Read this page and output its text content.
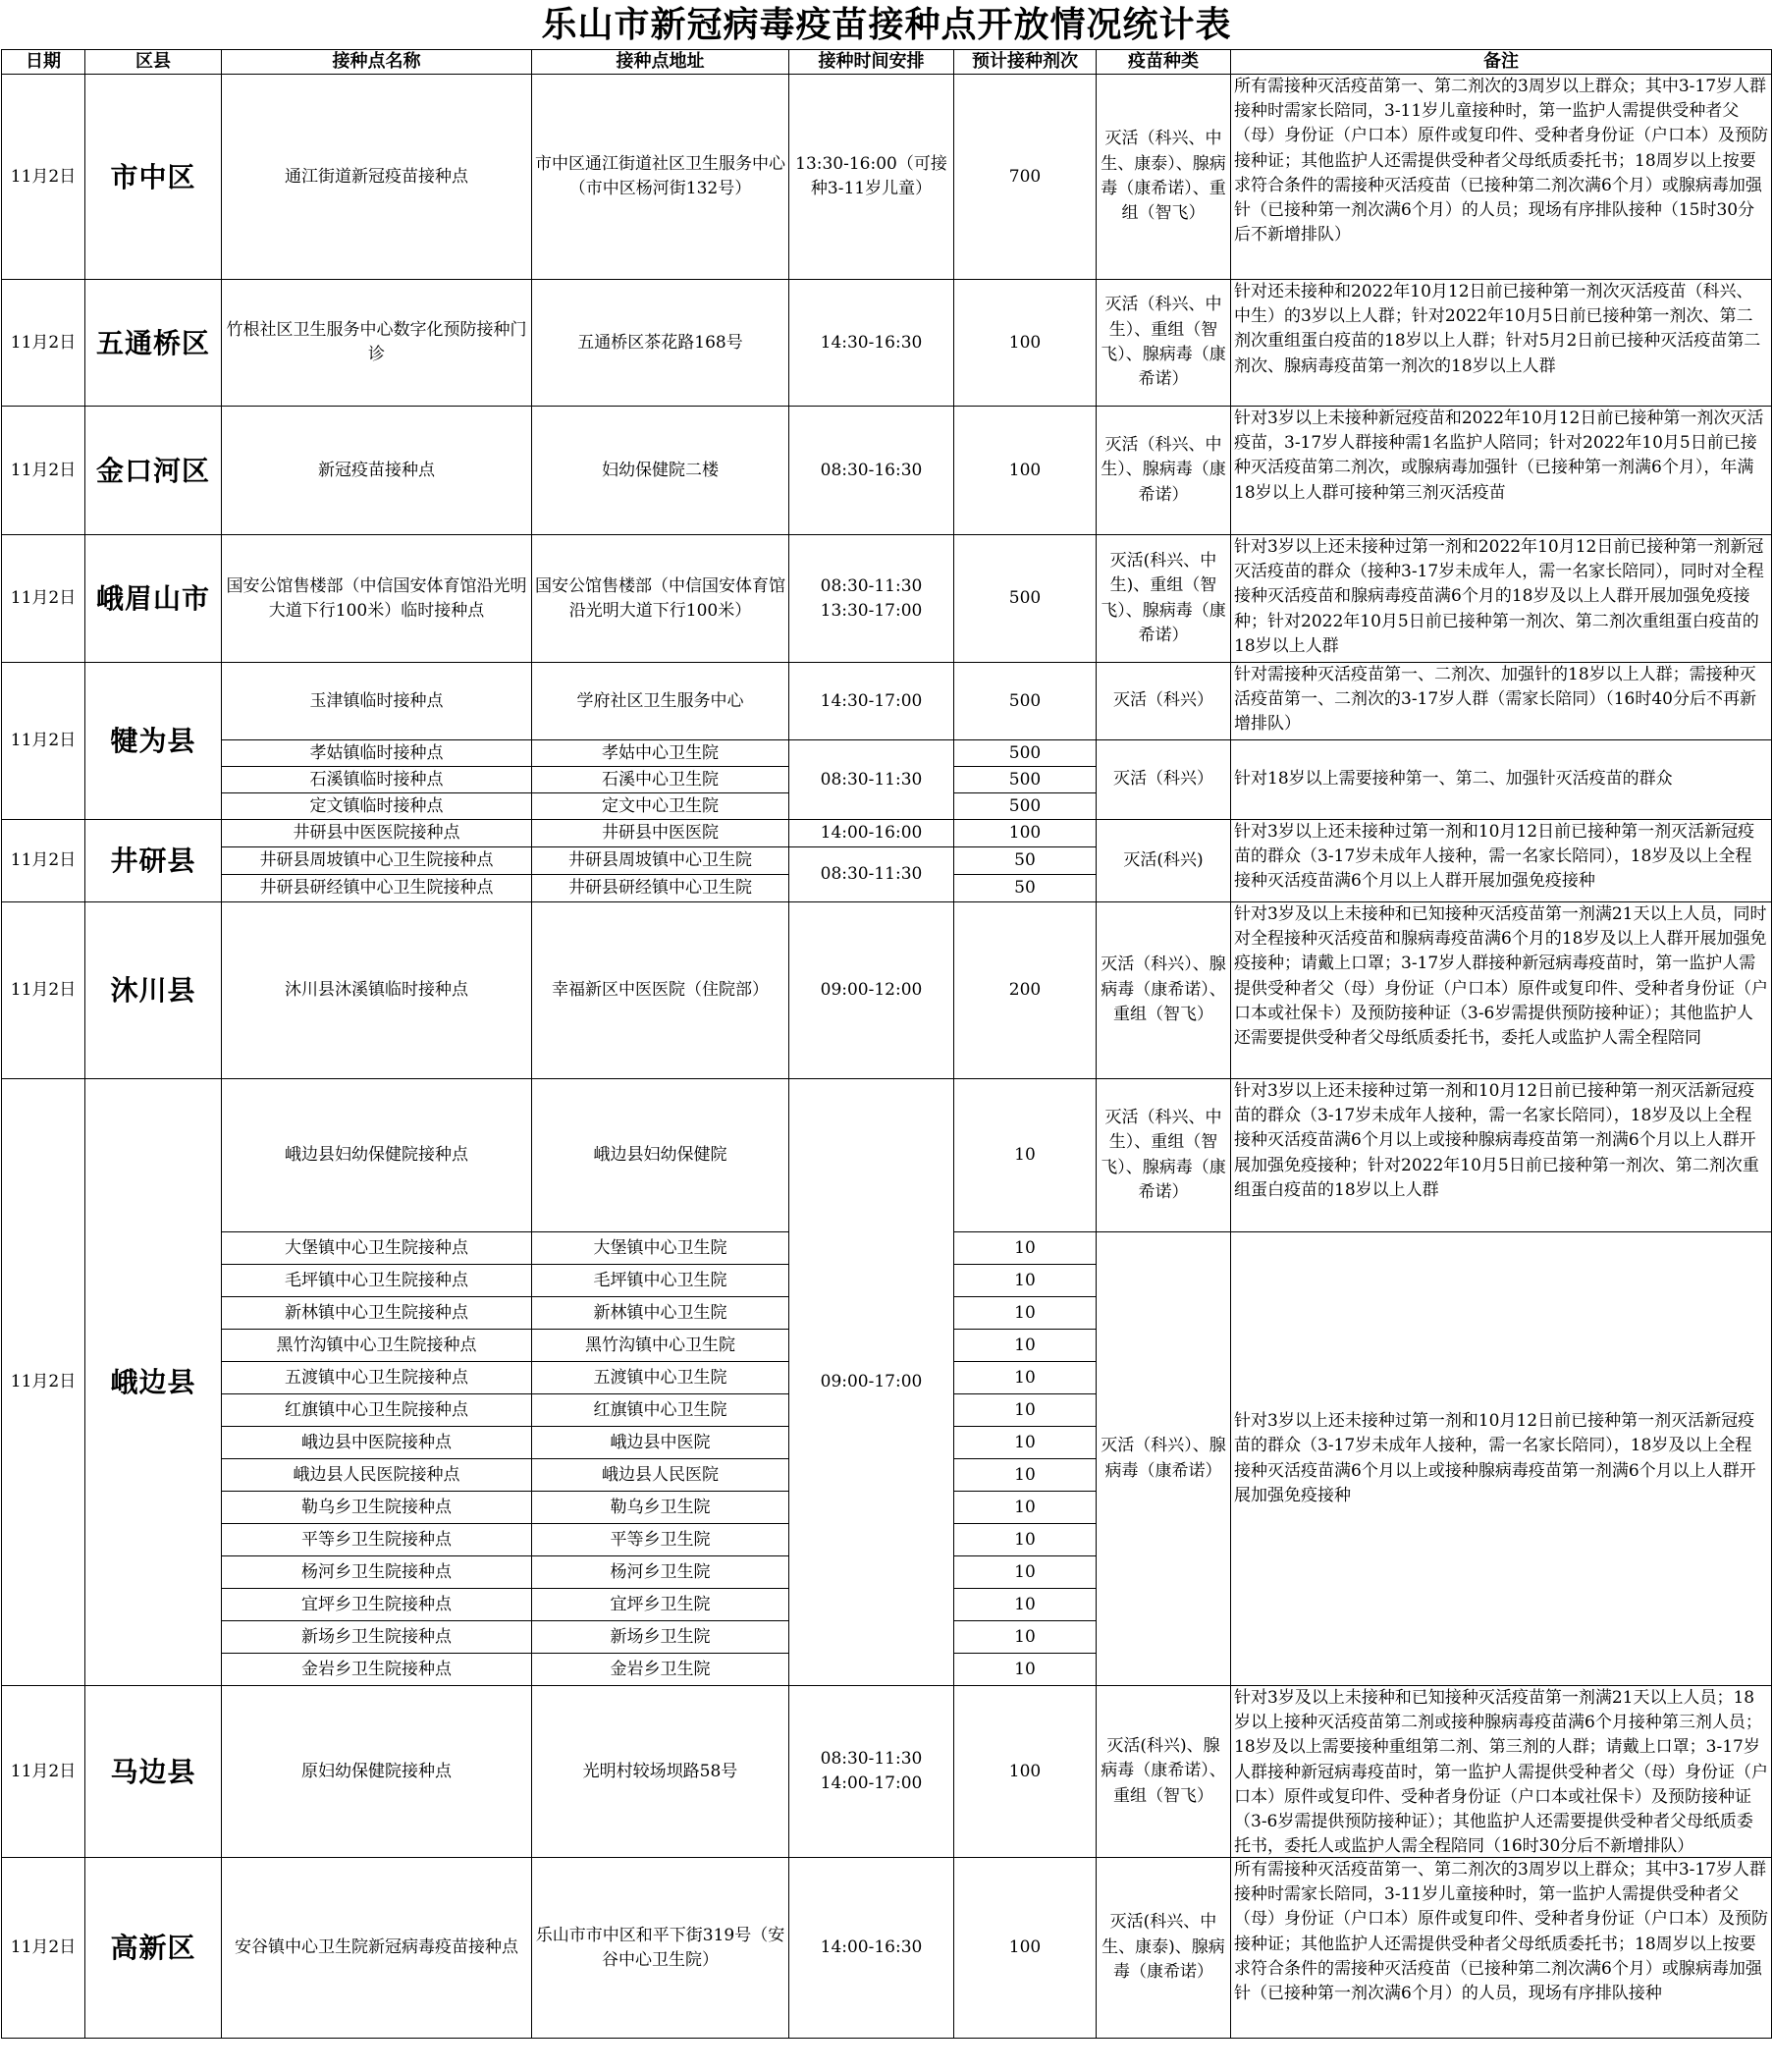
乐山市新冠病毒疫苗接种点开放情况统计表
日期	区县	接种点名称	接种点地址	接种时间安排	预计接种剂次	疫苗种类	备注
11月2日	市中区	通江街道新冠疫苗接种点	市中区通江街道社区卫生服务中心（市中区杨河街132号）	13:30-16:00（可接种3-11岁儿童）	700	灭活（科兴、中生、康泰）、腺病毒（康希诺）、重组（智飞）	所有需接种灭活疫苗第一、第二剂次的3周岁以上群众；其中3-17岁人群接种时需家长陪同，3-11岁儿童接种时，第一监护人需提供受种者父（母）身份证（户口本）原件或复印件、受种者身份证（户口本）及预防接种证；其他监护人还需提供受种者父母纸质委托书；18周岁以上按要求符合条件的需接种灭活疫苗（已接种第二剂次满6个月）或腺病毒加强针（已接种第一剂次满6个月）的人员；现场有序排队接种（15时30分后不新增排队）
11月2日	五通桥区	竹根社区卫生服务中心数字化预防接种门诊	五通桥区茶花路168号	14:30-16:30	100	灭活（科兴、中生）、重组（智飞）、腺病毒（康希诺）	针对还未接种和2022年10月12日前已接种第一剂次灭活疫苗（科兴、中生）的3岁以上人群；针对2022年10月5日前已接种第一剂次、第二剂次重组蛋白疫苗的18岁以上人群；针对5月2日前已接种灭活疫苗第二剂次、腺病毒疫苗第一剂次的18岁以上人群
11月2日	金口河区	新冠疫苗接种点	妇幼保健院二楼	08:30-16:30	100	灭活（科兴、中生）、腺病毒（康希诺）	针对3岁以上未接种新冠疫苗和2022年10月12日前已接种第一剂次灭活疫苗，3-17岁人群接种需1名监护人陪同；针对2022年10月5日前已接种灭活疫苗第二剂次，或腺病毒加强针（已接种第一剂满6个月），年满18岁以上人群可接种第三剂灭活疫苗
11月2日	峨眉山市	国安公馆售楼部（中信国安体育馆沿光明大道下行100米）临时接种点	国安公馆售楼部（中信国安体育馆沿光明大道下行100米）	08:30-11:30 13:30-17:00	500	灭活(科兴、中生)、重组（智飞）、腺病毒（康希诺）	针对3岁以上还未接种过第一剂和2022年10月12日前已接种第一剂新冠灭活疫苗的群众（接种3-17岁未成年人，需一名家长陪同），同时对全程接种灭活疫苗和腺病毒疫苗满6个月的18岁及以上人群开展加强免疫接种；针对2022年10月5日前已接种第一剂次、第二剂次重组蛋白疫苗的18岁以上人群
11月2日	犍为县	玉津镇临时接种点	学府社区卫生服务中心	14:30-17:00	500	灭活（科兴）	针对需接种灭活疫苗第一、二剂次、加强针的18岁以上人群；需接种灭活疫苗第一、二剂次的3-17岁人群（需家长陪同）（16时40分后不再新增排队）
		孝姑镇临时接种点	孝姑中心卫生院	08:30-11:30	500	灭活（科兴）	针对18岁以上需要接种第一、第二、加强针灭活疫苗的群众
		石溪镇临时接种点	石溪中心卫生院		500		
		定文镇临时接种点	定文中心卫生院		500		
11月2日	井研县	井研县中医医院接种点	井研县中医医院	14:00-16:00	100	灭活(科兴)	针对3岁以上还未接种过第一剂和10月12日前已接种第一剂灭活新冠疫苗的群众（3-17岁未成年人接种，需一名家长陪同），18岁及以上全程接种灭活疫苗满6个月以上人群开展加强免疫接种

		井研县周坡镇中心卫生院接种点	井研县周坡镇中心卫生院	08:30-11:30	50		
		井研县研经镇中心卫生院接种点	井研县研经镇中心卫生院		50		
11月2日	沐川县	沐川县沐溪镇临时接种点	幸福新区中医医院（住院部）	09:00-12:00	200	灭活（科兴）、腺病毒（康希诺）、重组（智飞）	针对3岁及以上未接种和已知接种灭活疫苗第一剂满21天以上人员，同时对全程接种灭活疫苗和腺病毒疫苗满6个月的18岁及以上人群开展加强免疫接种；请戴上口罩；3-17岁人群接种新冠病毒疫苗时，第一监护人需提供受种者父（母）身份证（户口本）原件或复印件、受种者身份证（户口本或社保卡）及预防接种证（3-6岁需提供预防接种证）；其他监护人还需要提供受种者父母纸质委托书，委托人或监护人需全程陪同

11月2日	峨边县	峨边县妇幼保健院接种点	峨边县妇幼保健院	09:00-17:00	10	灭活（科兴、中生）、重组（智飞）、腺病毒（康希诺）	针对3岁以上还未接种过第一剂和10月12日前已接种第一剂灭活新冠疫苗的群众（3-17岁未成年人接种，需一名家长陪同），18岁及以上全程接种灭活疫苗满6个月以上或接种腺病毒疫苗第一剂满6个月以上人群开展加强免疫接种；针对2022年10月5日前已接种第一剂次、第二剂次重组蛋白疫苗的18岁以上人群
		大堡镇中心卫生院接种点	大堡镇中心卫生院		10	灭活（科兴）、腺病毒（康希诺）	针对3岁以上还未接种过第一剂和10月12日前已接种第一剂灭活新冠疫苗的群众（3-17岁未成年人接种，需一名家长陪同），18岁及以上全程接种灭活疫苗满6个月以上或接种腺病毒疫苗第一剂满6个月以上人群开展加强免疫接种
		毛坪镇中心卫生院接种点	毛坪镇中心卫生院		10		
		新林镇中心卫生院接种点	新林镇中心卫生院		10		
		黑竹沟镇中心卫生院接种点	黑竹沟镇中心卫生院		10		
		五渡镇中心卫生院接种点	五渡镇中心卫生院		10		
		红旗镇中心卫生院接种点	红旗镇中心卫生院		10		
		峨边县中医院接种点	峨边县中医院		10		
		峨边县人民医院接种点	峨边县人民医院		10		
		勒乌乡卫生院接种点	勒乌乡卫生院		10		
		平等乡卫生院接种点	平等乡卫生院		10		
		杨河乡卫生院接种点	杨河乡卫生院		10		
		宜坪乡卫生院接种点	宜坪乡卫生院		10		
		新场乡卫生院接种点	新场乡卫生院		10		
		金岩乡卫生院接种点	金岩乡卫生院		10		
11月2日	马边县	原妇幼保健院接种点	光明村较场坝路58号	08:30-11:30 14:00-17:00	100	灭活(科兴)、腺病毒（康希诺）、重组（智飞）	针对3岁及以上未接种和已知接种灭活疫苗第一剂满21天以上人员；18岁以上接种灭活疫苗第二剂或接种腺病毒疫苗满6个月接种第三剂人员；18岁及以上需要接种重组第二剂、第三剂的人群；请戴上口罩；3-17岁人群接种新冠病毒疫苗时，第一监护人需提供受种者父（母）身份证（户口本）原件或复印件、受种者身份证（户口本或社保卡）及预防接种证（3-6岁需提供预防接种证）；其他监护人还需要提供受种者父母纸质委托书，委托人或监护人需全程陪同（16时30分后不新增排队）

11月2日	高新区	安谷镇中心卫生院新冠病毒疫苗接种点	乐山市市中区和平下街319号（安谷中心卫生院）	14:00-16:30	100	灭活(科兴、中生、康泰)、腺病毒（康希诺）	所有需接种灭活疫苗第一、第二剂次的3周岁以上群众；其中3-17岁人群接种时需家长陪同，3-11岁儿童接种时，第一监护人需提供受种者父（母）身份证（户口本）原件或复印件、受种者身份证（户口本）及预防接种证；其他监护人还需提供受种者父母纸质委托书；18周岁以上按要求符合条件的需接种灭活疫苗（已接种第二剂次满6个月）或腺病毒加强针（已接种第一剂次满6个月）的人员，现场有序排队接种
